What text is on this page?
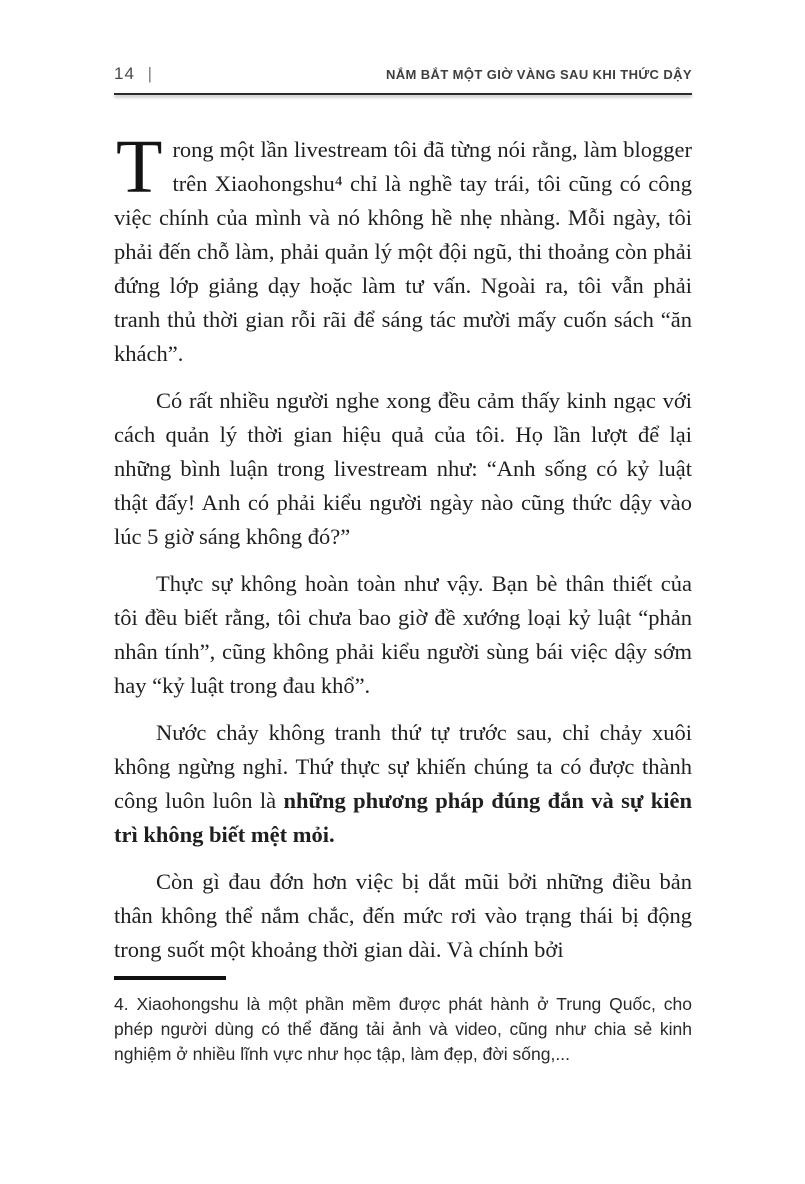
14 |	NẮM BẮT MỘT GIỜ VÀNG SAU KHI THỨC DẬY

T rong một lần livestream tôi đã từng nói rằng, làm blogger trên Xiaohongshu⁴ chỉ là nghề tay trái, tôi cũng có công việc chính của mình và nó không hề nhẹ nhàng. Mỗi ngày, tôi phải đến chỗ làm, phải quản lý một đội ngũ, thi thoảng còn phải đứng lớp giảng dạy hoặc làm tư vấn. Ngoài ra, tôi vẫn phải tranh thủ thời gian rỗi rãi để sáng tác mười mấy cuốn sách “ăn khách”.

Có rất nhiều người nghe xong đều cảm thấy kinh ngạc với cách quản lý thời gian hiệu quả của tôi. Họ lần lượt để lại những bình luận trong livestream như: “Anh sống có kỷ luật thật đấy! Anh có phải kiểu người ngày nào cũng thức dậy vào lúc 5 giờ sáng không đó?”

Thực sự không hoàn toàn như vậy. Bạn bè thân thiết của tôi đều biết rằng, tôi chưa bao giờ đề xướng loại kỷ luật “phản nhân tính”, cũng không phải kiểu người sùng bái việc dậy sớm hay “kỷ luật trong đau khổ”.

Nước chảy không tranh thứ tự trước sau, chỉ chảy xuôi không ngừng nghỉ. Thứ thực sự khiến chúng ta có được thành công luôn luôn là những phương pháp đúng đắn và sự kiên trì không biết mệt mỏi.

Còn gì đau đớn hơn việc bị dắt mũi bởi những điều bản thân không thể nắm chắc, đến mức rơi vào trạng thái bị động trong suốt một khoảng thời gian dài. Và chính bởi

4. Xiaohongshu là một phần mềm được phát hành ở Trung Quốc, cho phép người dùng có thể đăng tải ảnh và video, cũng như chia sẻ kinh nghiệm ở nhiều lĩnh vực như học tập, làm đẹp, đời sống,...
